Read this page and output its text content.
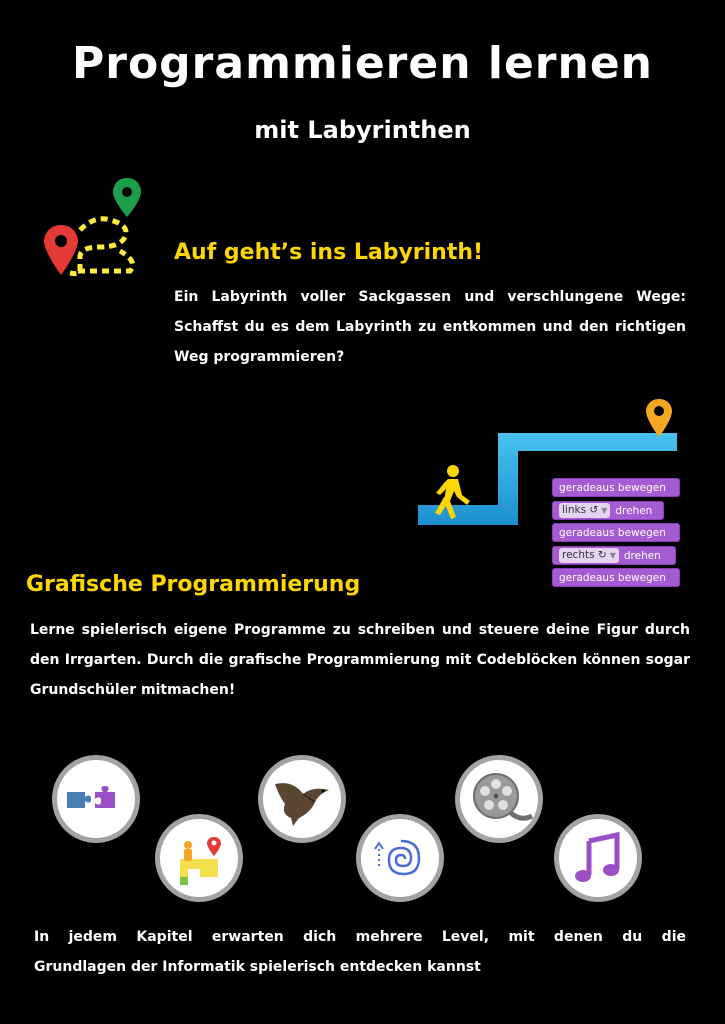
Programmieren lernen
mit Labyrinthen
Auf geht’s ins Labyrinth!
Ein Labyrinth voller Sackgassen und verschlungene Wege: Schaffst du es dem Labyrinth zu entkommen und den richtigen Weg programmieren?
geradeaus bewegen
links ↺ ▼ drehen
geradeaus bewegen
rechts ↻ ▼ drehen
geradeaus bewegen
Grafische Programmierung
Lerne spielerisch eigene Programme zu schreiben und steuere deine Figur durch den Irrgarten. Durch die grafische Programmierung mit Codeblöcken können sogar Grundschüler mitmachen!
In jedem Kapitel erwarten dich mehrere Level, mit denen du die
Grundlagen der Informatik spielerisch entdecken kannst
